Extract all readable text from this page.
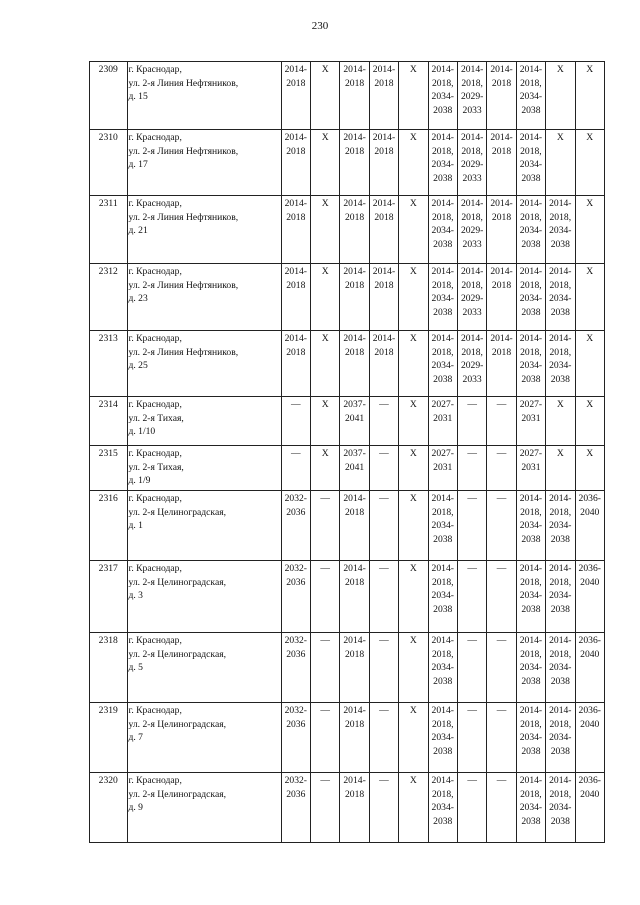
230
2309	г. Краснодар,
ул. 2-я Линия Нефтяников,
д. 15	2014-
2018	X	2014-
2018	2014-
2018	X	2014-
2018,
2034-
2038	2014-
2018,
2029-
2033	2014-
2018	2014-
2018,
2034-
2038	X	X
2310	г. Краснодар,
ул. 2-я Линия Нефтяников,
д. 17	2014-
2018	X	2014-
2018	2014-
2018	X	2014-
2018,
2034-
2038	2014-
2018,
2029-
2033	2014-
2018	2014-
2018,
2034-
2038	X	X
2311	г. Краснодар,
ул. 2-я Линия Нефтяников,
д. 21	2014-
2018	X	2014-
2018	2014-
2018	X	2014-
2018,
2034-
2038	2014-
2018,
2029-
2033	2014-
2018	2014-
2018,
2034-
2038	2014-
2018,
2034-
2038	X
2312	г. Краснодар,
ул. 2-я Линия Нефтяников,
д. 23	2014-
2018	X	2014-
2018	2014-
2018	X	2014-
2018,
2034-
2038	2014-
2018,
2029-
2033	2014-
2018	2014-
2018,
2034-
2038	2014-
2018,
2034-
2038	X
2313	г. Краснодар,
ул. 2-я Линия Нефтяников,
д. 25	2014-
2018	X	2014-
2018	2014-
2018	X	2014-
2018,
2034-
2038	2014-
2018,
2029-
2033	2014-
2018	2014-
2018,
2034-
2038	2014-
2018,
2034-
2038	X
2314	г. Краснодар,
ул. 2-я Тихая,
д. 1/10	—	X	2037-
2041	—	X	2027-
2031	—	—	2027-
2031	X	X
2315	г. Краснодар,
ул. 2-я Тихая,
д. 1/9	—	X	2037-
2041	—	X	2027-
2031	—	—	2027-
2031	X	X
2316	г. Краснодар,
ул. 2-я Целиноградская,
д. 1	2032-
2036	—	2014-
2018	—	X	2014-
2018,
2034-
2038	—	—	2014-
2018,
2034-
2038	2014-
2018,
2034-
2038	2036-
2040
2317	г. Краснодар,
ул. 2-я Целиноградская,
д. 3	2032-
2036	—	2014-
2018	—	X	2014-
2018,
2034-
2038	—	—	2014-
2018,
2034-
2038	2014-
2018,
2034-
2038	2036-
2040
2318	г. Краснодар,
ул. 2-я Целиноградская,
д. 5	2032-
2036	—	2014-
2018	—	X	2014-
2018,
2034-
2038	—	—	2014-
2018,
2034-
2038	2014-
2018,
2034-
2038	2036-
2040
2319	г. Краснодар,
ул. 2-я Целиноградская,
д. 7	2032-
2036	—	2014-
2018	—	X	2014-
2018,
2034-
2038	—	—	2014-
2018,
2034-
2038	2014-
2018,
2034-
2038	2036-
2040
2320	г. Краснодар,
ул. 2-я Целиноградская,
д. 9	2032-
2036	—	2014-
2018	—	X	2014-
2018,
2034-
2038	—	—	2014-
2018,
2034-
2038	2014-
2018,
2034-
2038	2036-
2040
